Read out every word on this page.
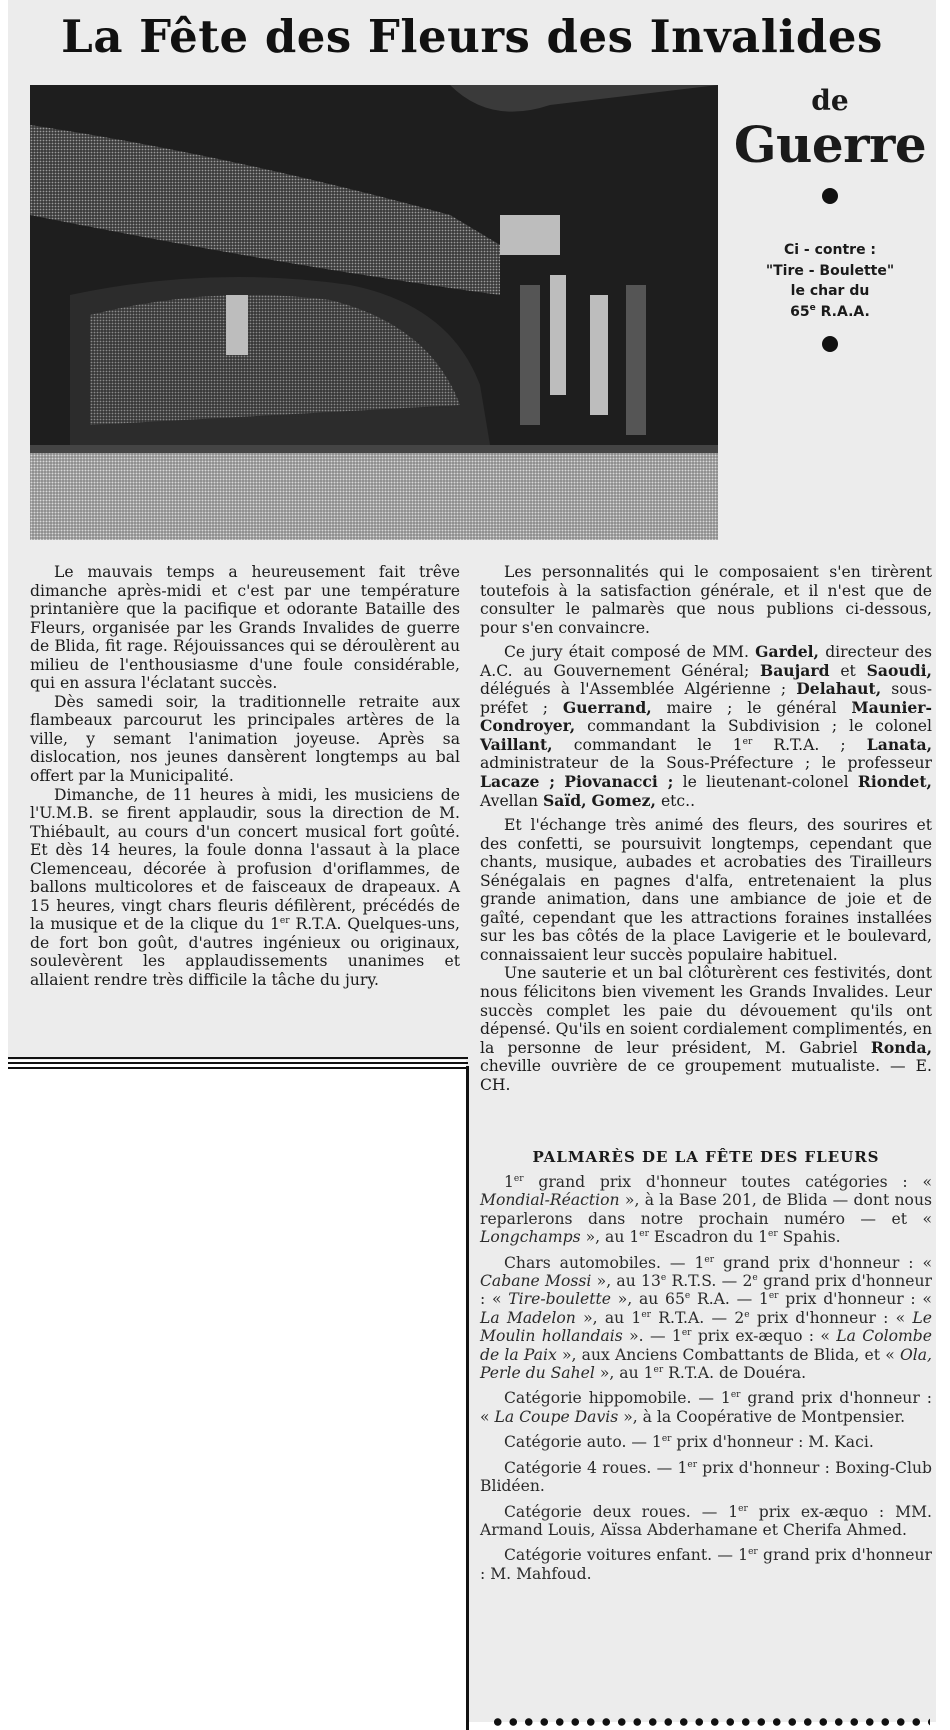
La Fête des Fleurs des Invalides
de
Guerre
Ci - contre :
"Tire - Boulette"
le char du
65e R.A.A.

Le mauvais temps a heureusement fait trêve dimanche après-midi et c'est par une température printanière que la pacifique et odorante Bataille des Fleurs, organisée par les Grands Invalides de guerre de Blida, fit rage. Réjouissances qui se déroulèrent au milieu de l'enthousiasme d'une foule considérable, qui en assura l'éclatant succès.

Dès samedi soir, la traditionnelle retraite aux flambeaux parcourut les principales artères de la ville, y semant l'animation joyeuse. Après sa dislocation, nos jeunes dansèrent longtemps au bal offert par la Municipalité.

Dimanche, de 11 heures à midi, les musiciens de l'U.M.B. se firent applaudir, sous la direction de M. Thiébault, au cours d'un concert musical fort goûté. Et dès 14 heures, la foule donna l'assaut à la place Clemenceau, décorée à profusion d'oriflammes, de ballons multicolores et de faisceaux de drapeaux. A 15 heures, vingt chars fleuris défilèrent, précédés de la musique et de la clique du 1er R.T.A. Quelques-uns, de fort bon goût, d'autres ingénieux ou originaux, soulevèrent les applaudissements unanimes et allaient rendre très difficile la tâche du jury.

Les personnalités qui le composaient s'en tirèrent toutefois à la satisfaction générale, et il n'est que de consulter le palmarès que nous publions ci-dessous, pour s'en convaincre.

Ce jury était composé de MM. Gardel, directeur des A.C. au Gouvernement Général; Baujard et Saoudi, délégués à l'Assemblée Algérienne ; Delahaut, sous-préfet ; Guerrand, maire ; le général Maunier-Condroyer, commandant la Subdivision ; le colonel Vaillant, commandant le 1er R.T.A. ; Lanata, administrateur de la Sous-Préfecture ; le professeur Lacaze ; Piovanacci ; le lieutenant-colonel Riondet, Avellan Saïd, Gomez, etc..

Et l'échange très animé des fleurs, des sourires et des confetti, se poursuivit longtemps, cependant que chants, musique, aubades et acrobaties des Tirailleurs Sénégalais en pagnes d'alfa, entretenaient la plus grande animation, dans une ambiance de joie et de gaîté, cependant que les attractions foraines installées sur les bas côtés de la place Lavigerie et le boulevard, connaissaient leur succès populaire habituel.

Une sauterie et un bal clôturèrent ces festivités, dont nous félicitons bien vivement les Grands Invalides. Leur succès complet les paie du dévouement qu'ils ont dépensé. Qu'ils en soient cordialement complimentés, en la personne de leur président, M. Gabriel Ronda, cheville ouvrière de ce groupement mutualiste. — E. CH.

PALMARÈS DE LA FÊTE DES FLEURS

1er grand prix d'honneur toutes catégories : « Mondial-Réaction », à la Base 201, de Blida — dont nous reparlerons dans notre prochain numéro — et « Longchamps », au 1er Escadron du 1er Spahis.

Chars automobiles. — 1er grand prix d'honneur : « Cabane Mossi », au 13e R.T.S. — 2e grand prix d'honneur : « Tire-boulette », au 65e R.A. — 1er prix d'honneur : « La Madelon », au 1er R.T.A. — 2e prix d'honneur : « Le Moulin hollandais ». — 1er prix ex-æquo : « La Colombe de la Paix », aux Anciens Combattants de Blida, et « Ola, Perle du Sahel », au 1er R.T.A. de Douéra.

Catégorie hippomobile. — 1er grand prix d'honneur : « La Coupe Davis », à la Coopérative de Montpensier.

Catégorie auto. — 1er prix d'honneur : M. Kaci.

Catégorie 4 roues. — 1er prix d'honneur : Boxing-Club Blidéen.

Catégorie deux roues. — 1er prix ex-æquo : MM. Armand Louis, Aïssa Abderhamane et Cherifa Ahmed.

Catégorie voitures enfant. — 1er grand prix d'honneur : M. Mahfoud.
